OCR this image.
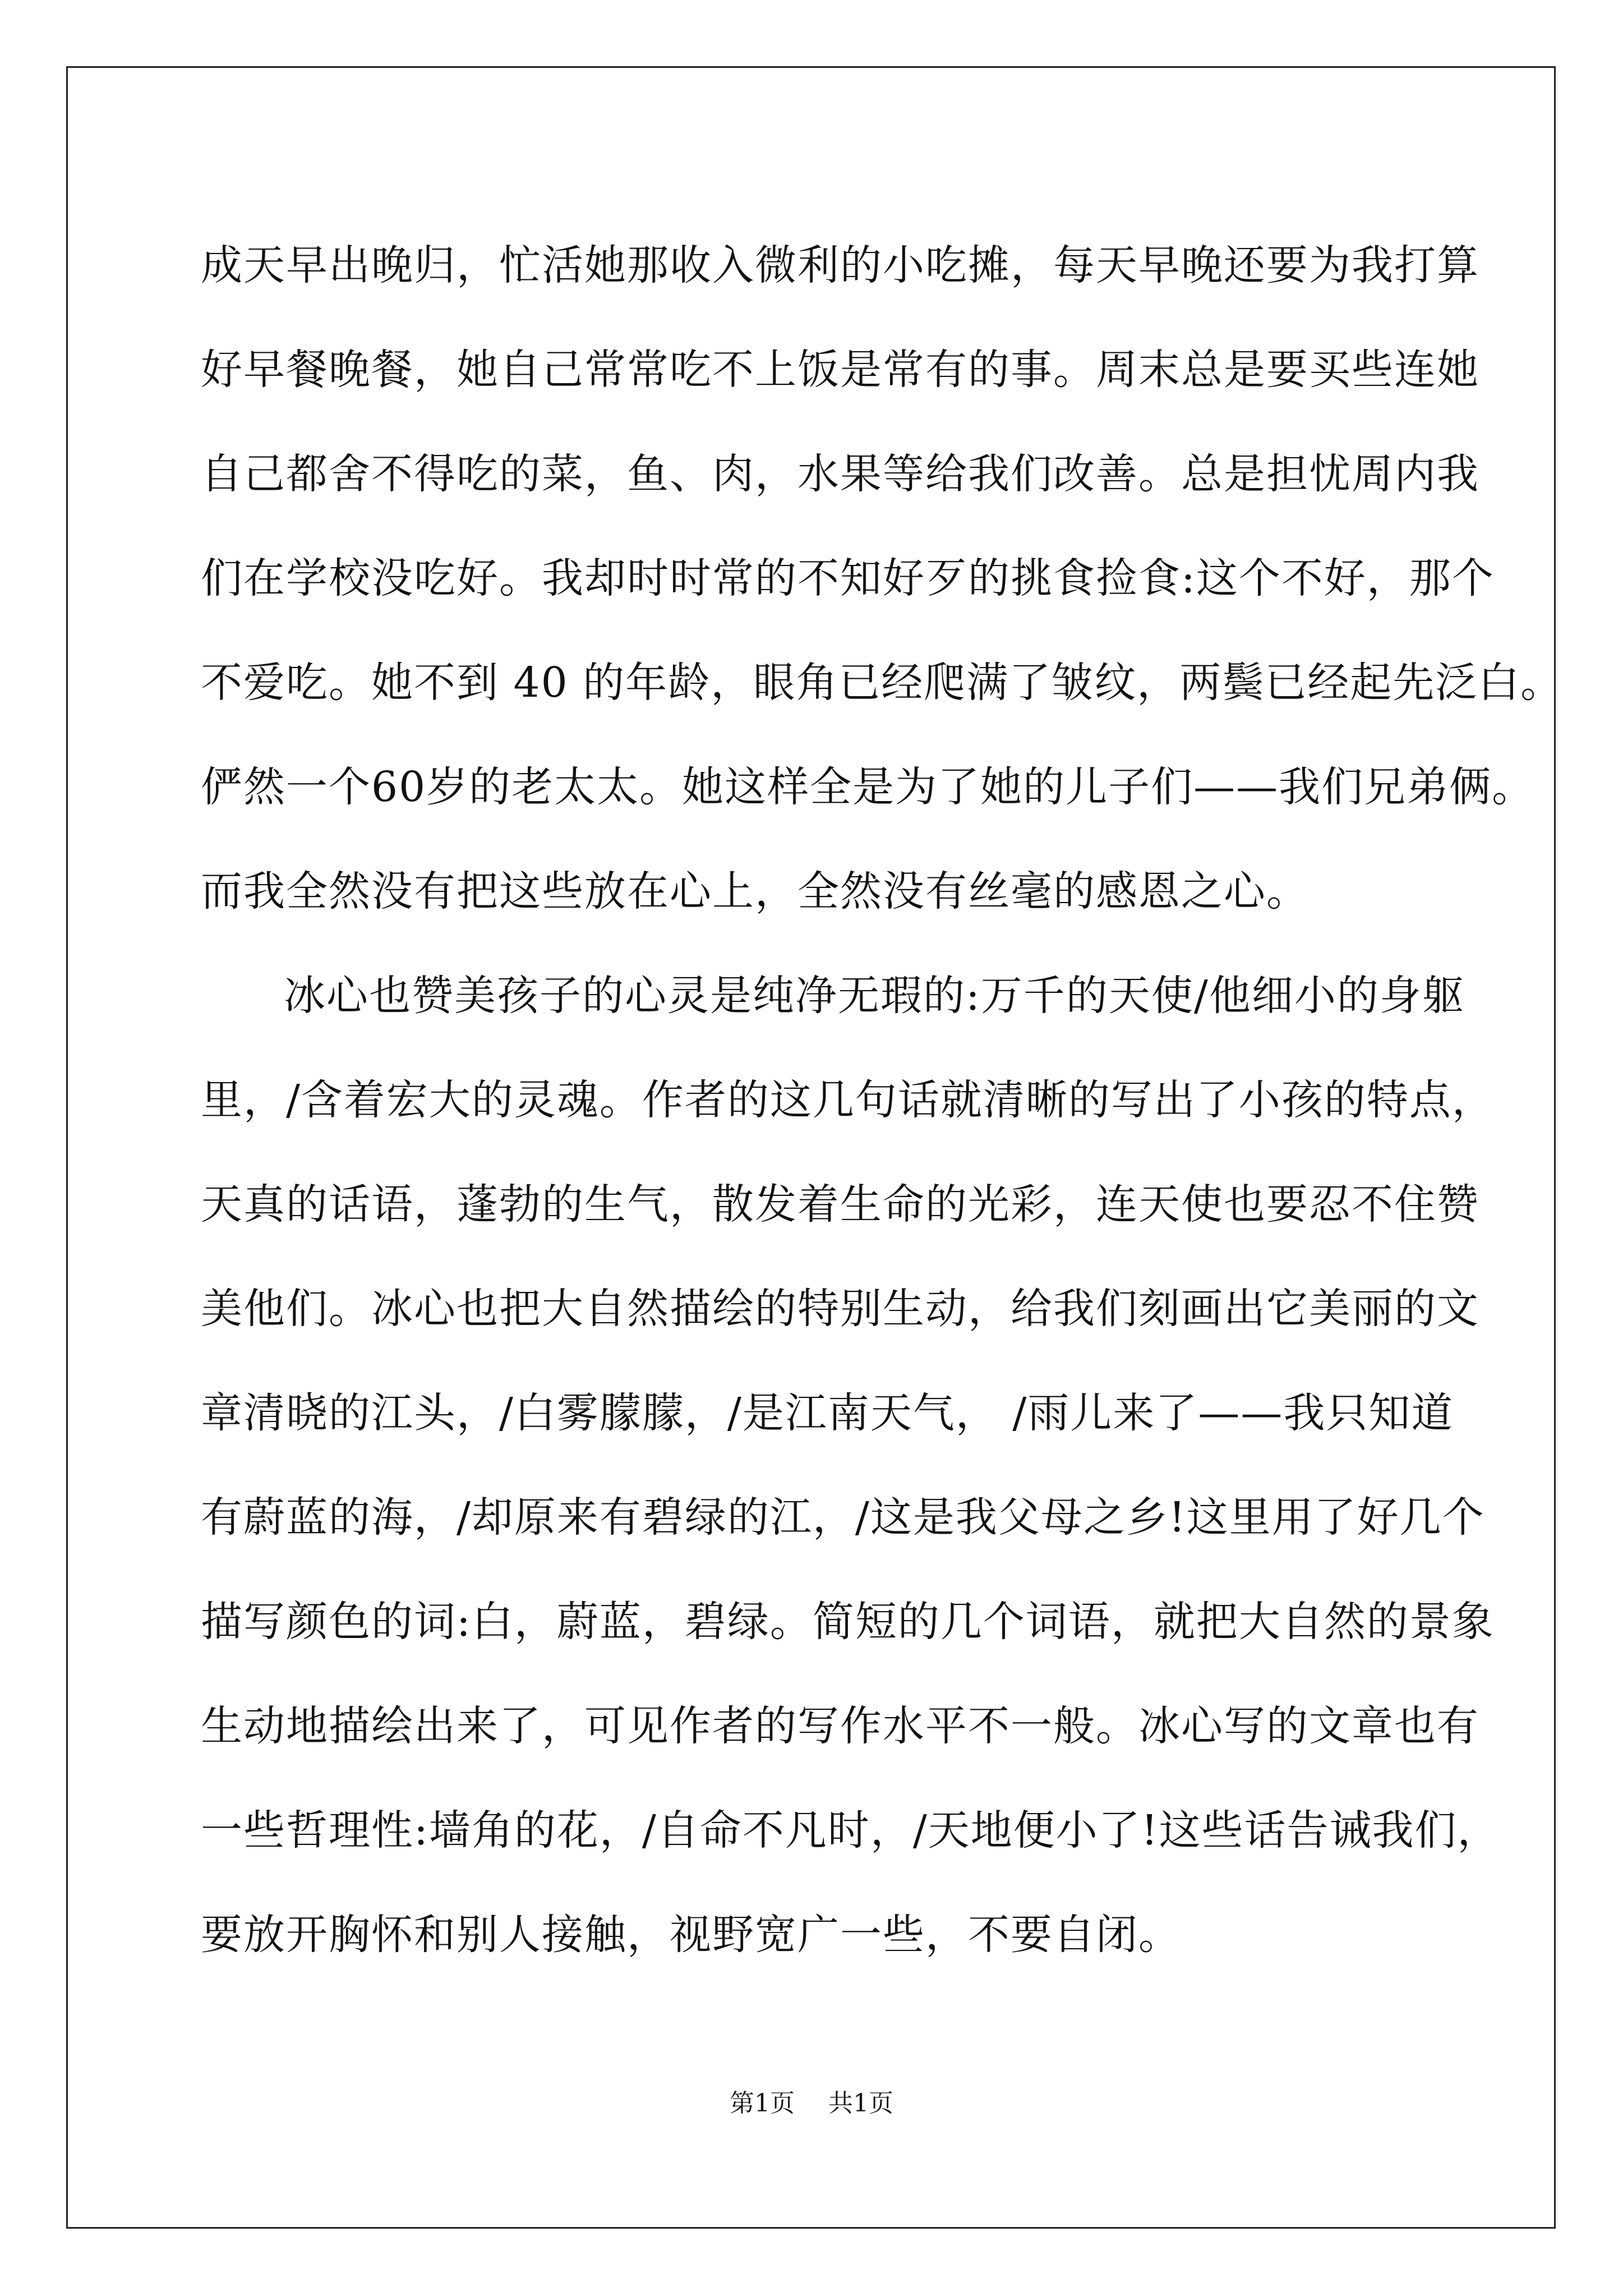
成天早出晚归，忙活她那收入微利的小吃摊，每天早晚还要为我打算
好早餐晚餐，她自己常常吃不上饭是常有的事。周末总是要买些连她
自己都舍不得吃的菜，鱼、肉，水果等给我们改善。总是担忧周内我
们在学校没吃好。我却时时常的不知好歹的挑食捡食:这个不好，那个
不爱吃。她不到 40 的年龄，眼角已经爬满了皱纹，两鬓已经起先泛白。
俨然一个60岁的老太太。她这样全是为了她的儿子们——我们兄弟俩。
而我全然没有把这些放在心上，全然没有丝毫的感恩之心。
冰心也赞美孩子的心灵是纯净无瑕的:万千的天使/他细小的身躯
里，/含着宏大的灵魂。作者的这几句话就清晰的写出了小孩的特点，
天真的话语，蓬勃的生气，散发着生命的光彩，连天使也要忍不住赞
美他们。冰心也把大自然描绘的特别生动，给我们刻画出它美丽的文
章清晓的江头，/白雾朦朦，/是江南天气， /雨儿来了——我只知道
有蔚蓝的海，/却原来有碧绿的江，/这是我父母之乡!这里用了好几个
描写颜色的词:白，蔚蓝，碧绿。简短的几个词语，就把大自然的景象
生动地描绘出来了，可见作者的写作水平不一般。冰心写的文章也有
一些哲理性:墙角的花，/自命不凡时，/天地便小了!这些话告诫我们，
要放开胸怀和别人接触，视野宽广一些，不要自闭。
第1页 共1页
